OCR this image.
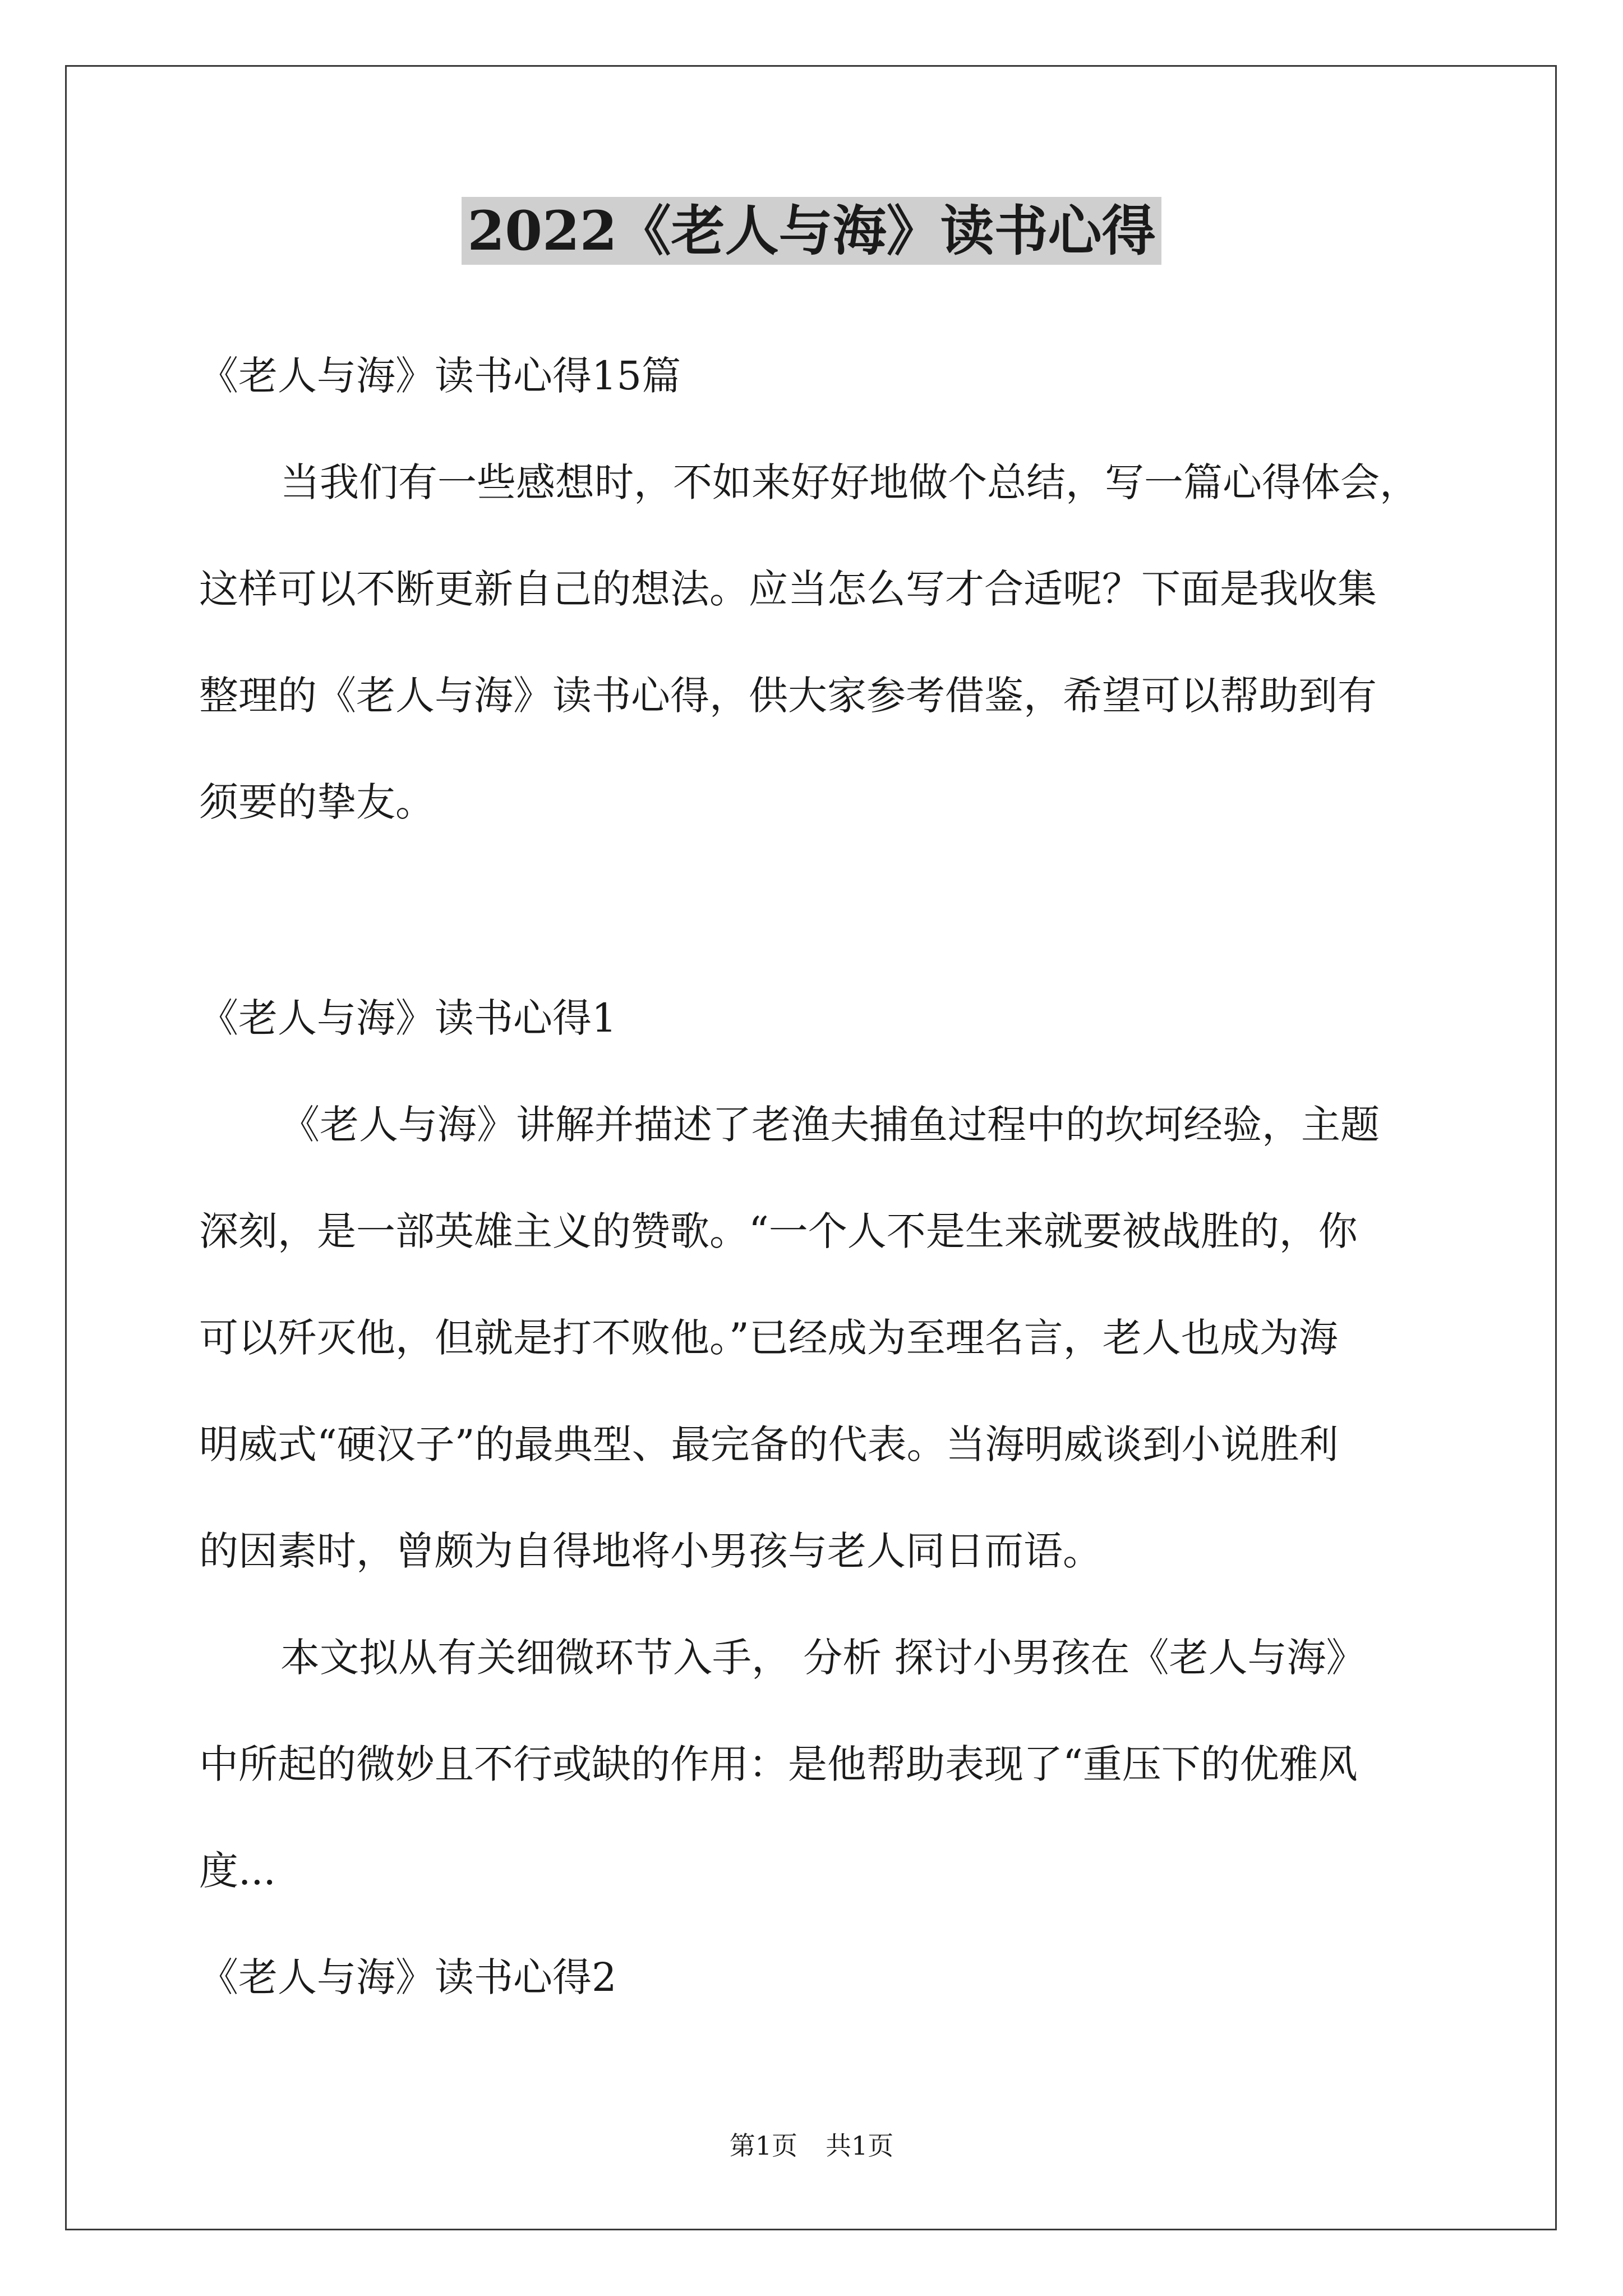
2022《老人与海》读书心得
《老人与海》读书心得15篇
当我们有一些感想时，不如来好好地做个总结，写一篇心得体会，
这样可以不断更新自己的想法。应当怎么写才合适呢？下面是我收集
整理的《老人与海》读书心得，供大家参考借鉴，希望可以帮助到有
须要的挚友。
《老人与海》读书心得1
《老人与海》讲解并描述了老渔夫捕鱼过程中的坎坷经验，主题
深刻，是一部英雄主义的赞歌。“一个人不是生来就要被战胜的，你
可以歼灭他，但就是打不败他。”已经成为至理名言，老人也成为海
明威式“硬汉子”的最典型、最完备的代表。当海明威谈到小说胜利
的因素时，曾颇为自得地将小男孩与老人同日而语。
本文拟从有关细微环节入手， 分析 探讨小男孩在《老人与海》
中所起的微妙且不行或缺的作用：是他帮助表现了“重压下的优雅风
度...
《老人与海》读书心得2
第1页 共1页
